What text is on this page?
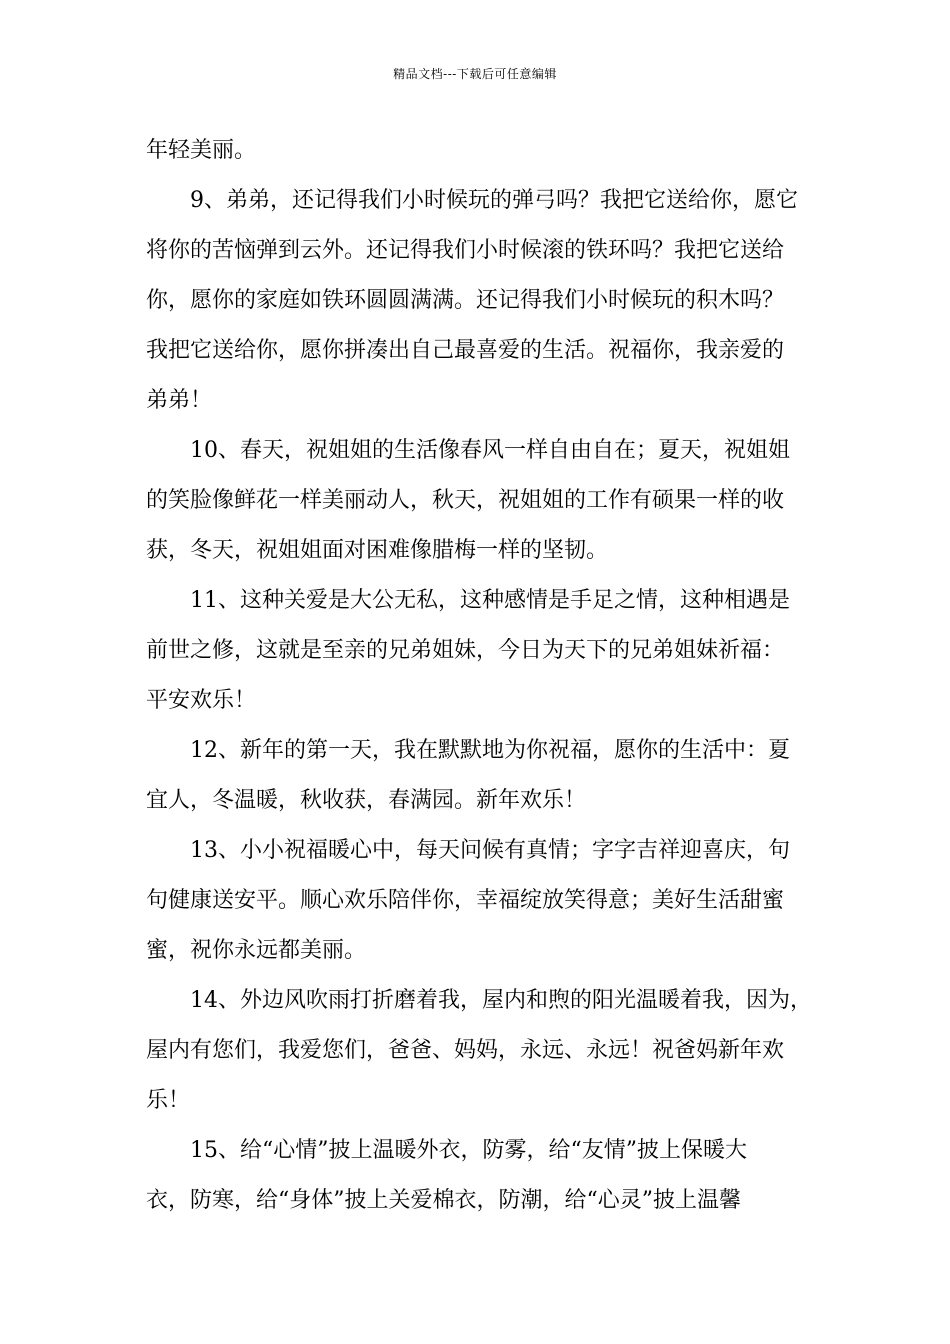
精品文档---下载后可任意编辑
年轻美丽。
9、弟弟，还记得我们小时候玩的弹弓吗？我把它送给你，愿它
将你的苦恼弹到云外。还记得我们小时候滚的铁环吗？我把它送给
你，愿你的家庭如铁环圆圆满满。还记得我们小时候玩的积木吗？
我把它送给你，愿你拼凑出自己最喜爱的生活。祝福你，我亲爱的
弟弟！
10、春天，祝姐姐的生活像春风一样自由自在；夏天，祝姐姐
的笑脸像鲜花一样美丽动人，秋天，祝姐姐的工作有硕果一样的收
获，冬天，祝姐姐面对困难像腊梅一样的坚韧。
11、这种关爱是大公无私，这种感情是手足之情，这种相遇是
前世之修，这就是至亲的兄弟姐妹，今日为天下的兄弟姐妹祈福：
平安欢乐！
12、新年的第一天，我在默默地为你祝福，愿你的生活中：夏
宜人，冬温暖，秋收获，春满园。新年欢乐！
13、小小祝福暖心中，每天问候有真情；字字吉祥迎喜庆，句
句健康送安平。顺心欢乐陪伴你，幸福绽放笑得意；美好生活甜蜜
蜜，祝你永远都美丽。
14、外边风吹雨打折磨着我，屋内和煦的阳光温暖着我，因为，
屋内有您们，我爱您们，爸爸、妈妈，永远、永远！祝爸妈新年欢
乐！
15、给“心情”披上温暖外衣，防雾，给“友情”披上保暖大
衣，防寒，给“身体”披上关爱棉衣，防潮，给“心灵”披上温馨
